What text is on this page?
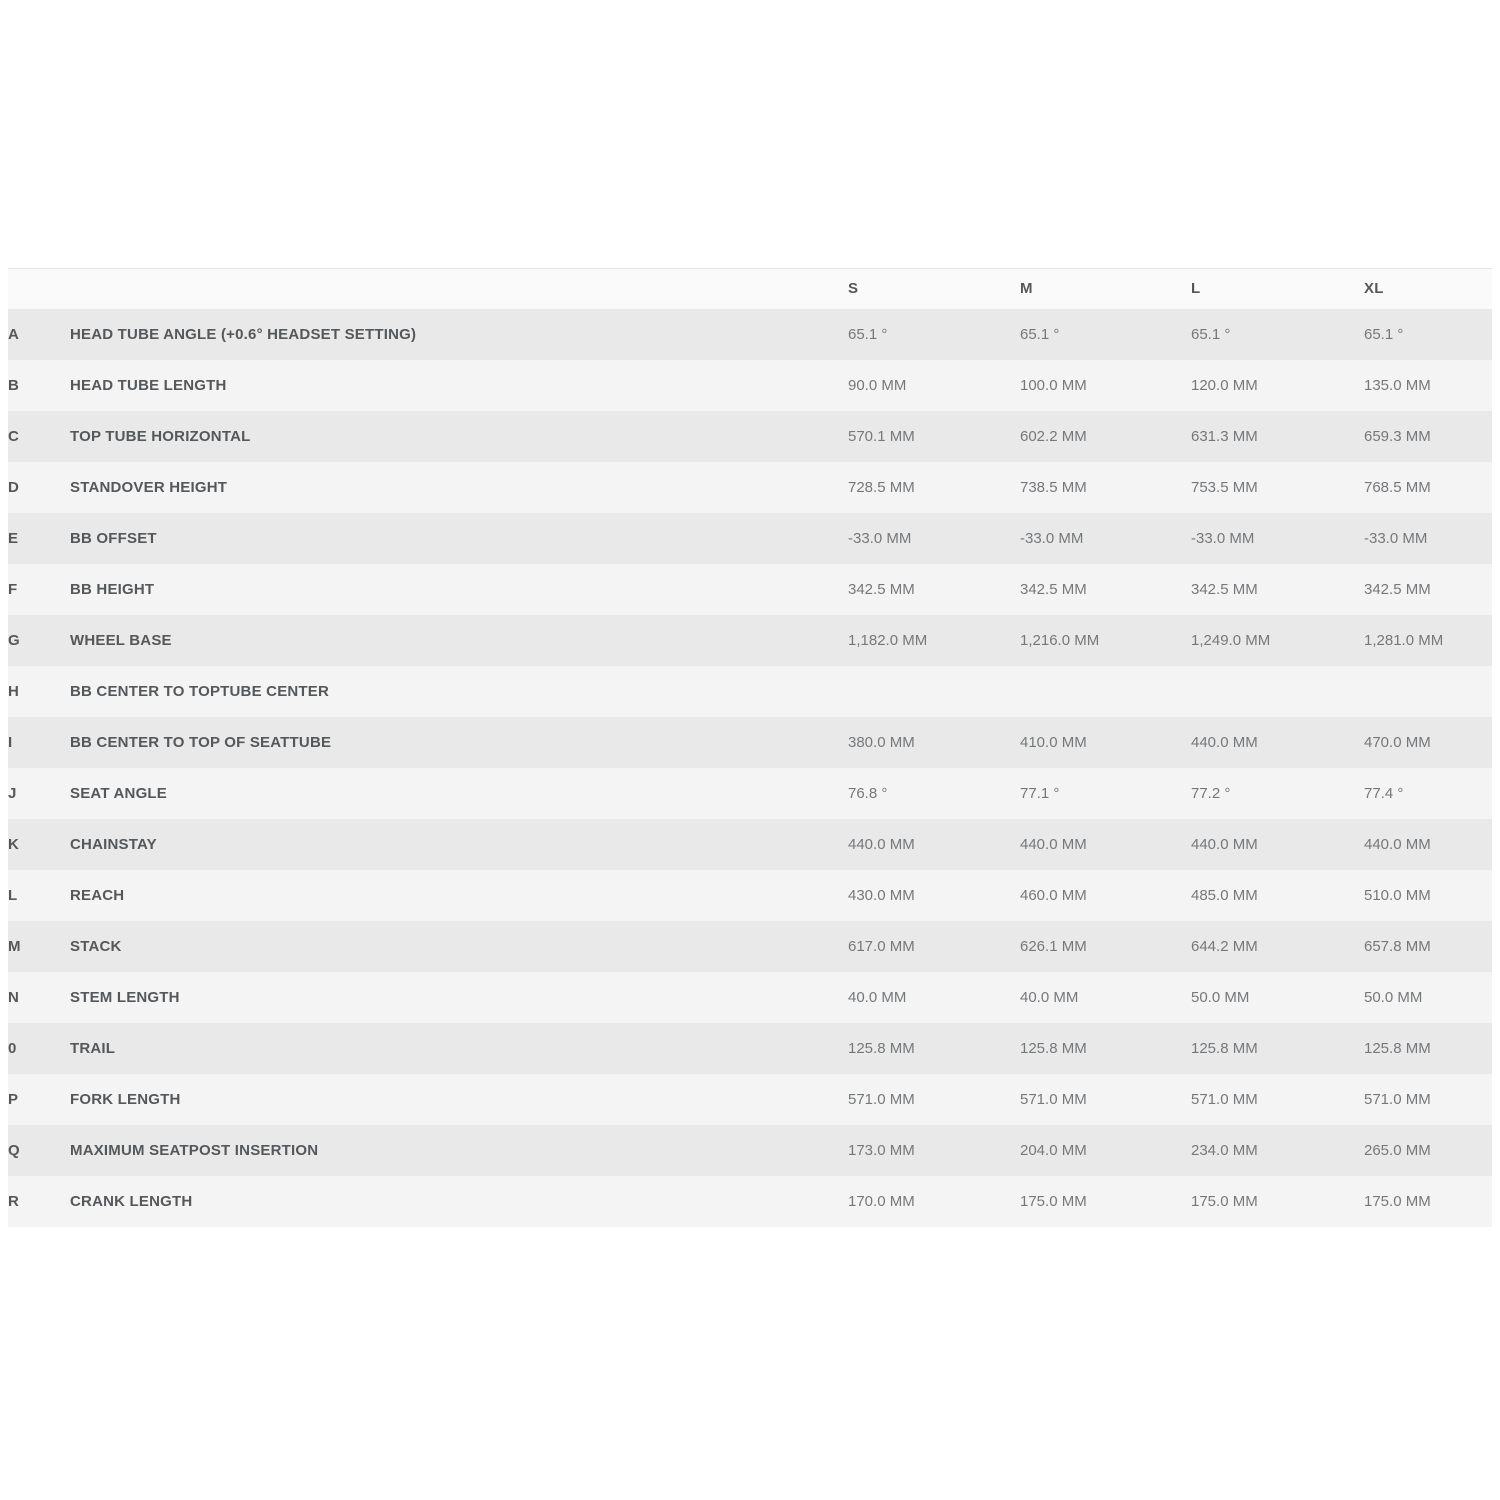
		S	M	L	XL
A	HEAD TUBE ANGLE (+0.6° HEADSET SETTING)	65.1 °	65.1 °	65.1 °	65.1 °
B	HEAD TUBE LENGTH	90.0 MM	100.0 MM	120.0 MM	135.0 MM
C	TOP TUBE HORIZONTAL	570.1 MM	602.2 MM	631.3 MM	659.3 MM
D	STANDOVER HEIGHT	728.5 MM	738.5 MM	753.5 MM	768.5 MM
E	BB OFFSET	-33.0 MM	-33.0 MM	-33.0 MM	-33.0 MM
F	BB HEIGHT	342.5 MM	342.5 MM	342.5 MM	342.5 MM
G	WHEEL BASE	1,182.0 MM	1,216.0 MM	1,249.0 MM	1,281.0 MM
H	BB CENTER TO TOPTUBE CENTER				
I	BB CENTER TO TOP OF SEATTUBE	380.0 MM	410.0 MM	440.0 MM	470.0 MM
J	SEAT ANGLE	76.8 °	77.1 °	77.2 °	77.4 °
K	CHAINSTAY	440.0 MM	440.0 MM	440.0 MM	440.0 MM
L	REACH	430.0 MM	460.0 MM	485.0 MM	510.0 MM
M	STACK	617.0 MM	626.1 MM	644.2 MM	657.8 MM
N	STEM LENGTH	40.0 MM	40.0 MM	50.0 MM	50.0 MM
0	TRAIL	125.8 MM	125.8 MM	125.8 MM	125.8 MM
P	FORK LENGTH	571.0 MM	571.0 MM	571.0 MM	571.0 MM
Q	MAXIMUM SEATPOST INSERTION	173.0 MM	204.0 MM	234.0 MM	265.0 MM
R	CRANK LENGTH	170.0 MM	175.0 MM	175.0 MM	175.0 MM
